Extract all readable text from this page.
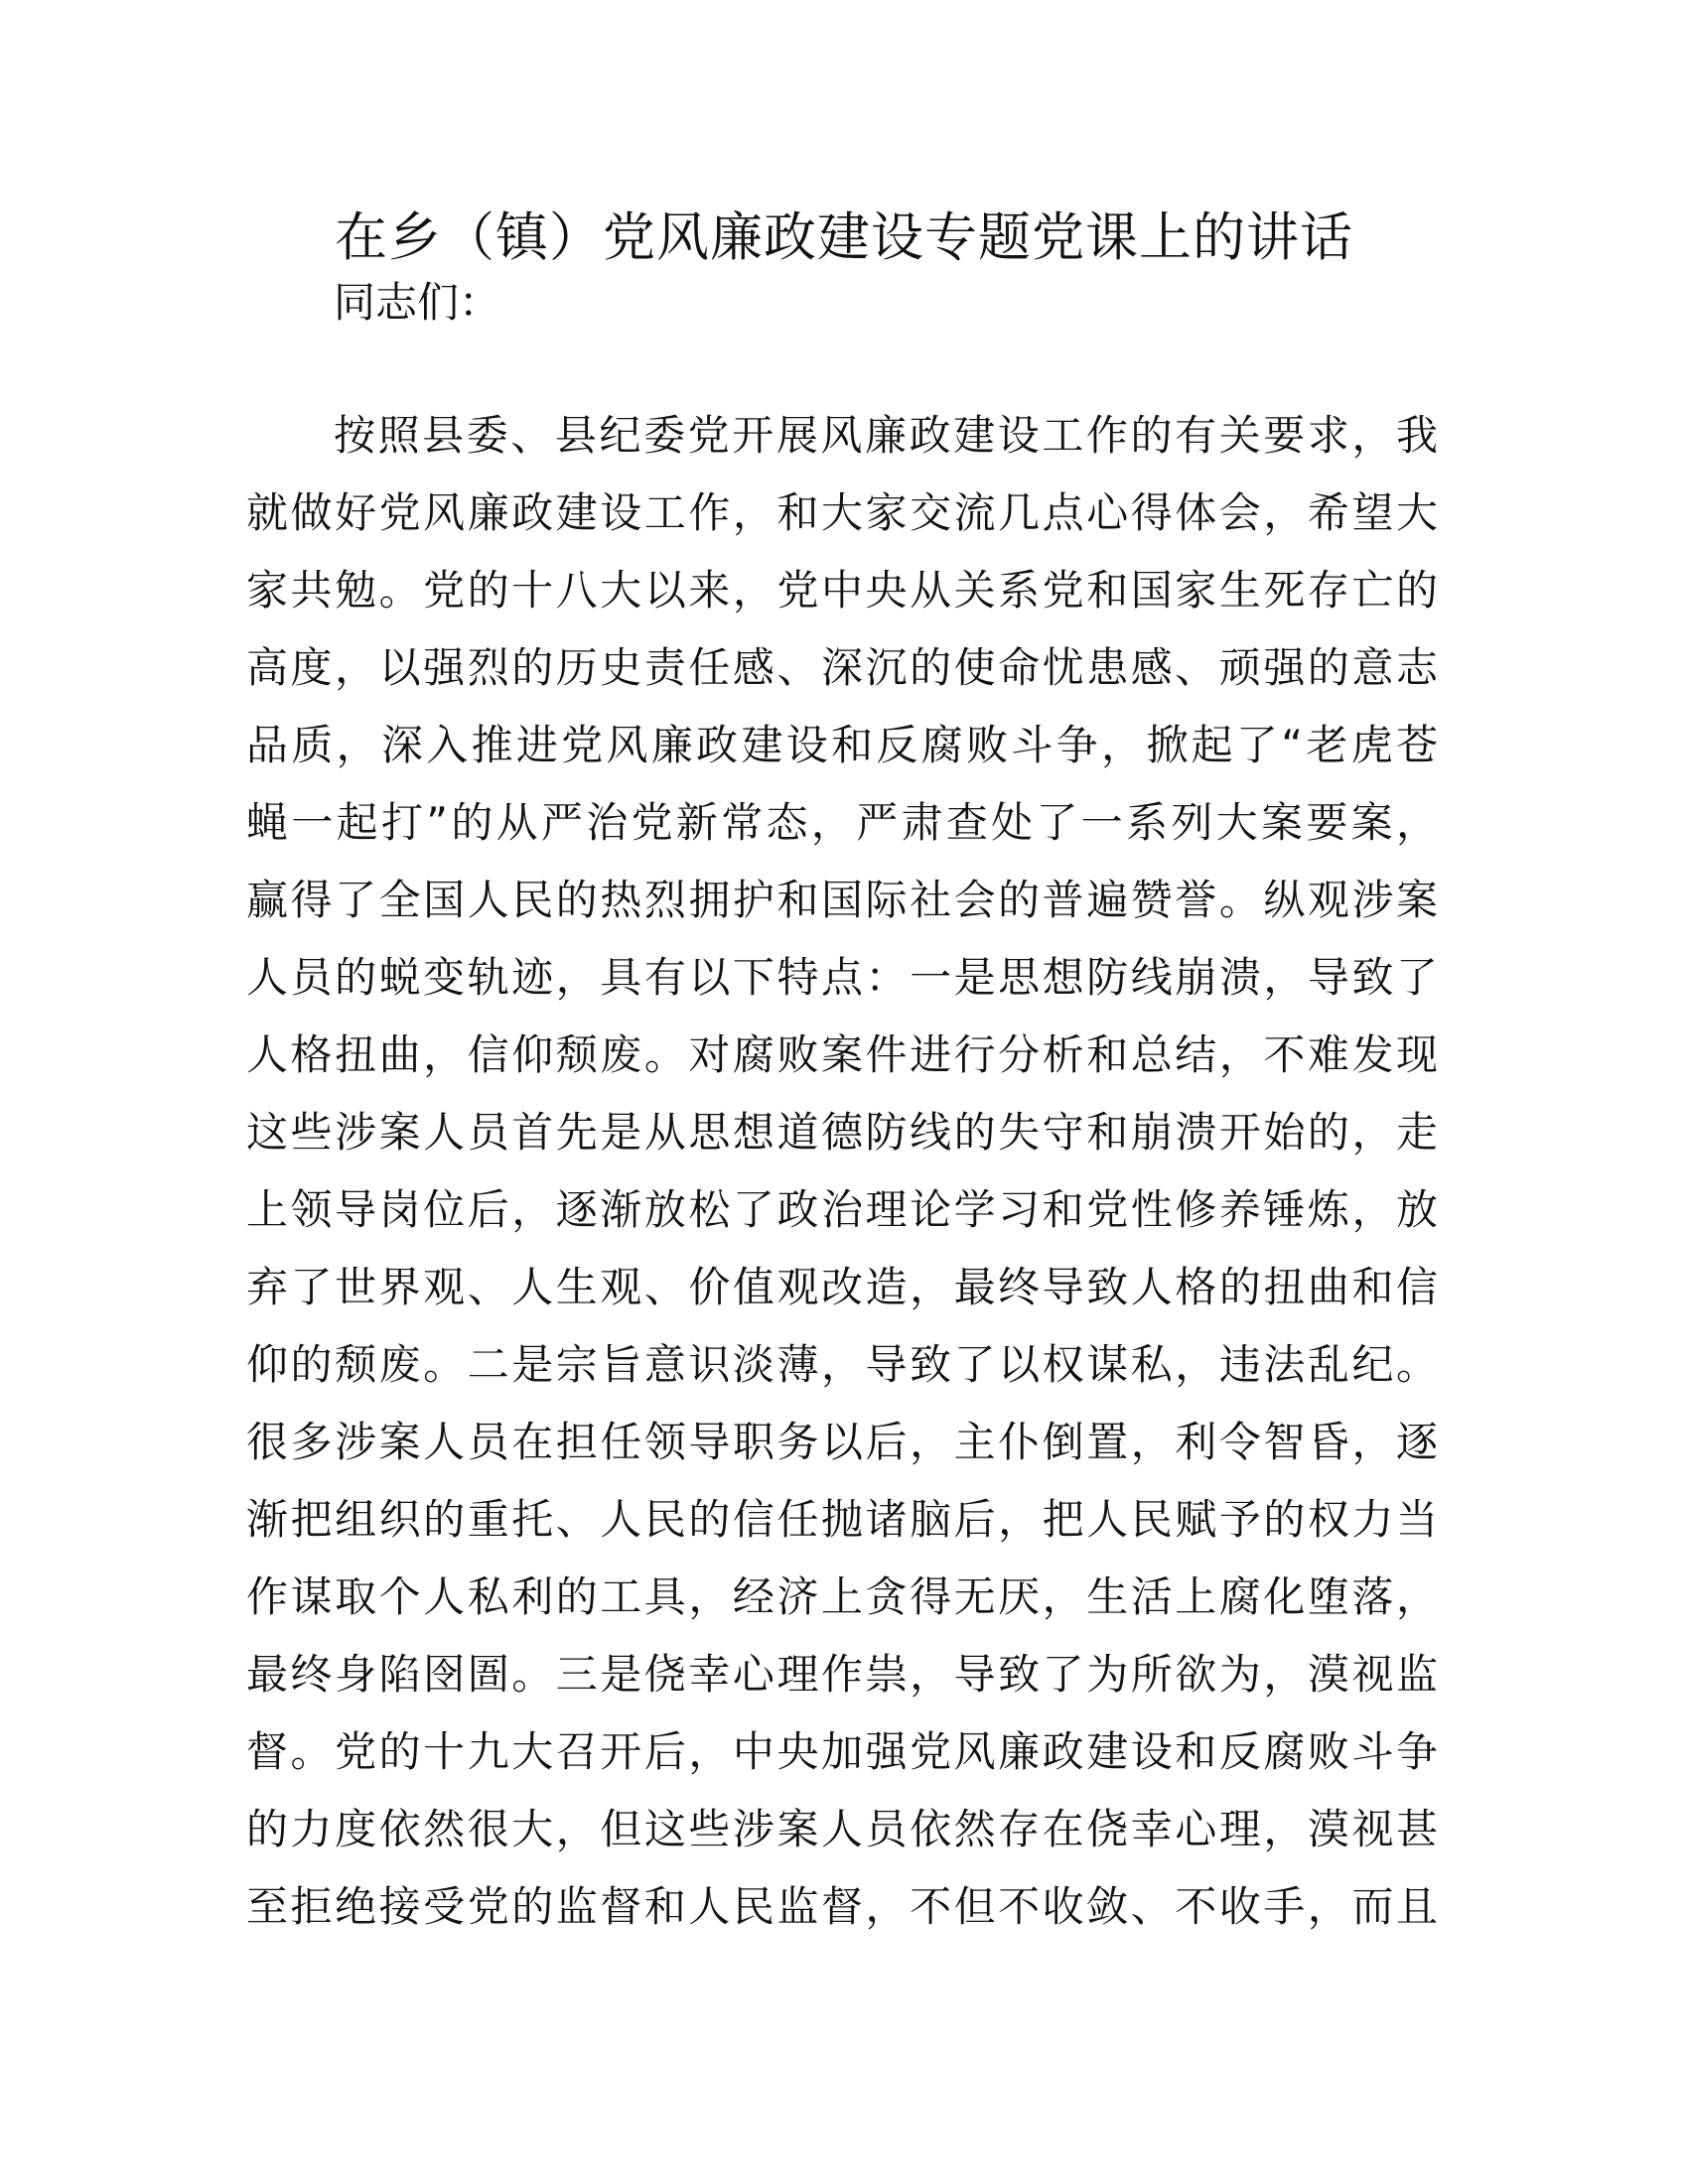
在乡（镇）党风廉政建设专题党课上的讲话

同志们：

按照县委、县纪委党开展风廉政建设工作的有关要求，我
就做好党风廉政建设工作，和大家交流几点心得体会，希望大
家共勉。党的十八大以来，党中央从关系党和国家生死存亡的
高度，以强烈的历史责任感、深沉的使命忧患感、顽强的意志
品质，深入推进党风廉政建设和反腐败斗争，掀起了“老虎苍
蝇一起打”的从严治党新常态，严肃查处了一系列大案要案，
赢得了全国人民的热烈拥护和国际社会的普遍赞誉。纵观涉案
人员的蜕变轨迹，具有以下特点：一是思想防线崩溃，导致了
人格扭曲，信仰颓废。对腐败案件进行分析和总结，不难发现
这些涉案人员首先是从思想道德防线的失守和崩溃开始的，走
上领导岗位后，逐渐放松了政治理论学习和党性修养锤炼，放
弃了世界观、人生观、价值观改造，最终导致人格的扭曲和信
仰的颓废。二是宗旨意识淡薄，导致了以权谋私，违法乱纪。
很多涉案人员在担任领导职务以后，主仆倒置，利令智昏，逐
渐把组织的重托、人民的信任抛诸脑后，把人民赋予的权力当
作谋取个人私利的工具，经济上贪得无厌，生活上腐化堕落，
最终身陷囹圄。三是侥幸心理作祟，导致了为所欲为，漠视监
督。党的十九大召开后，中央加强党风廉政建设和反腐败斗争
的力度依然很大，但这些涉案人员依然存在侥幸心理，漠视甚
至拒绝接受党的监督和人民监督，不但不收敛、不收手，而且
